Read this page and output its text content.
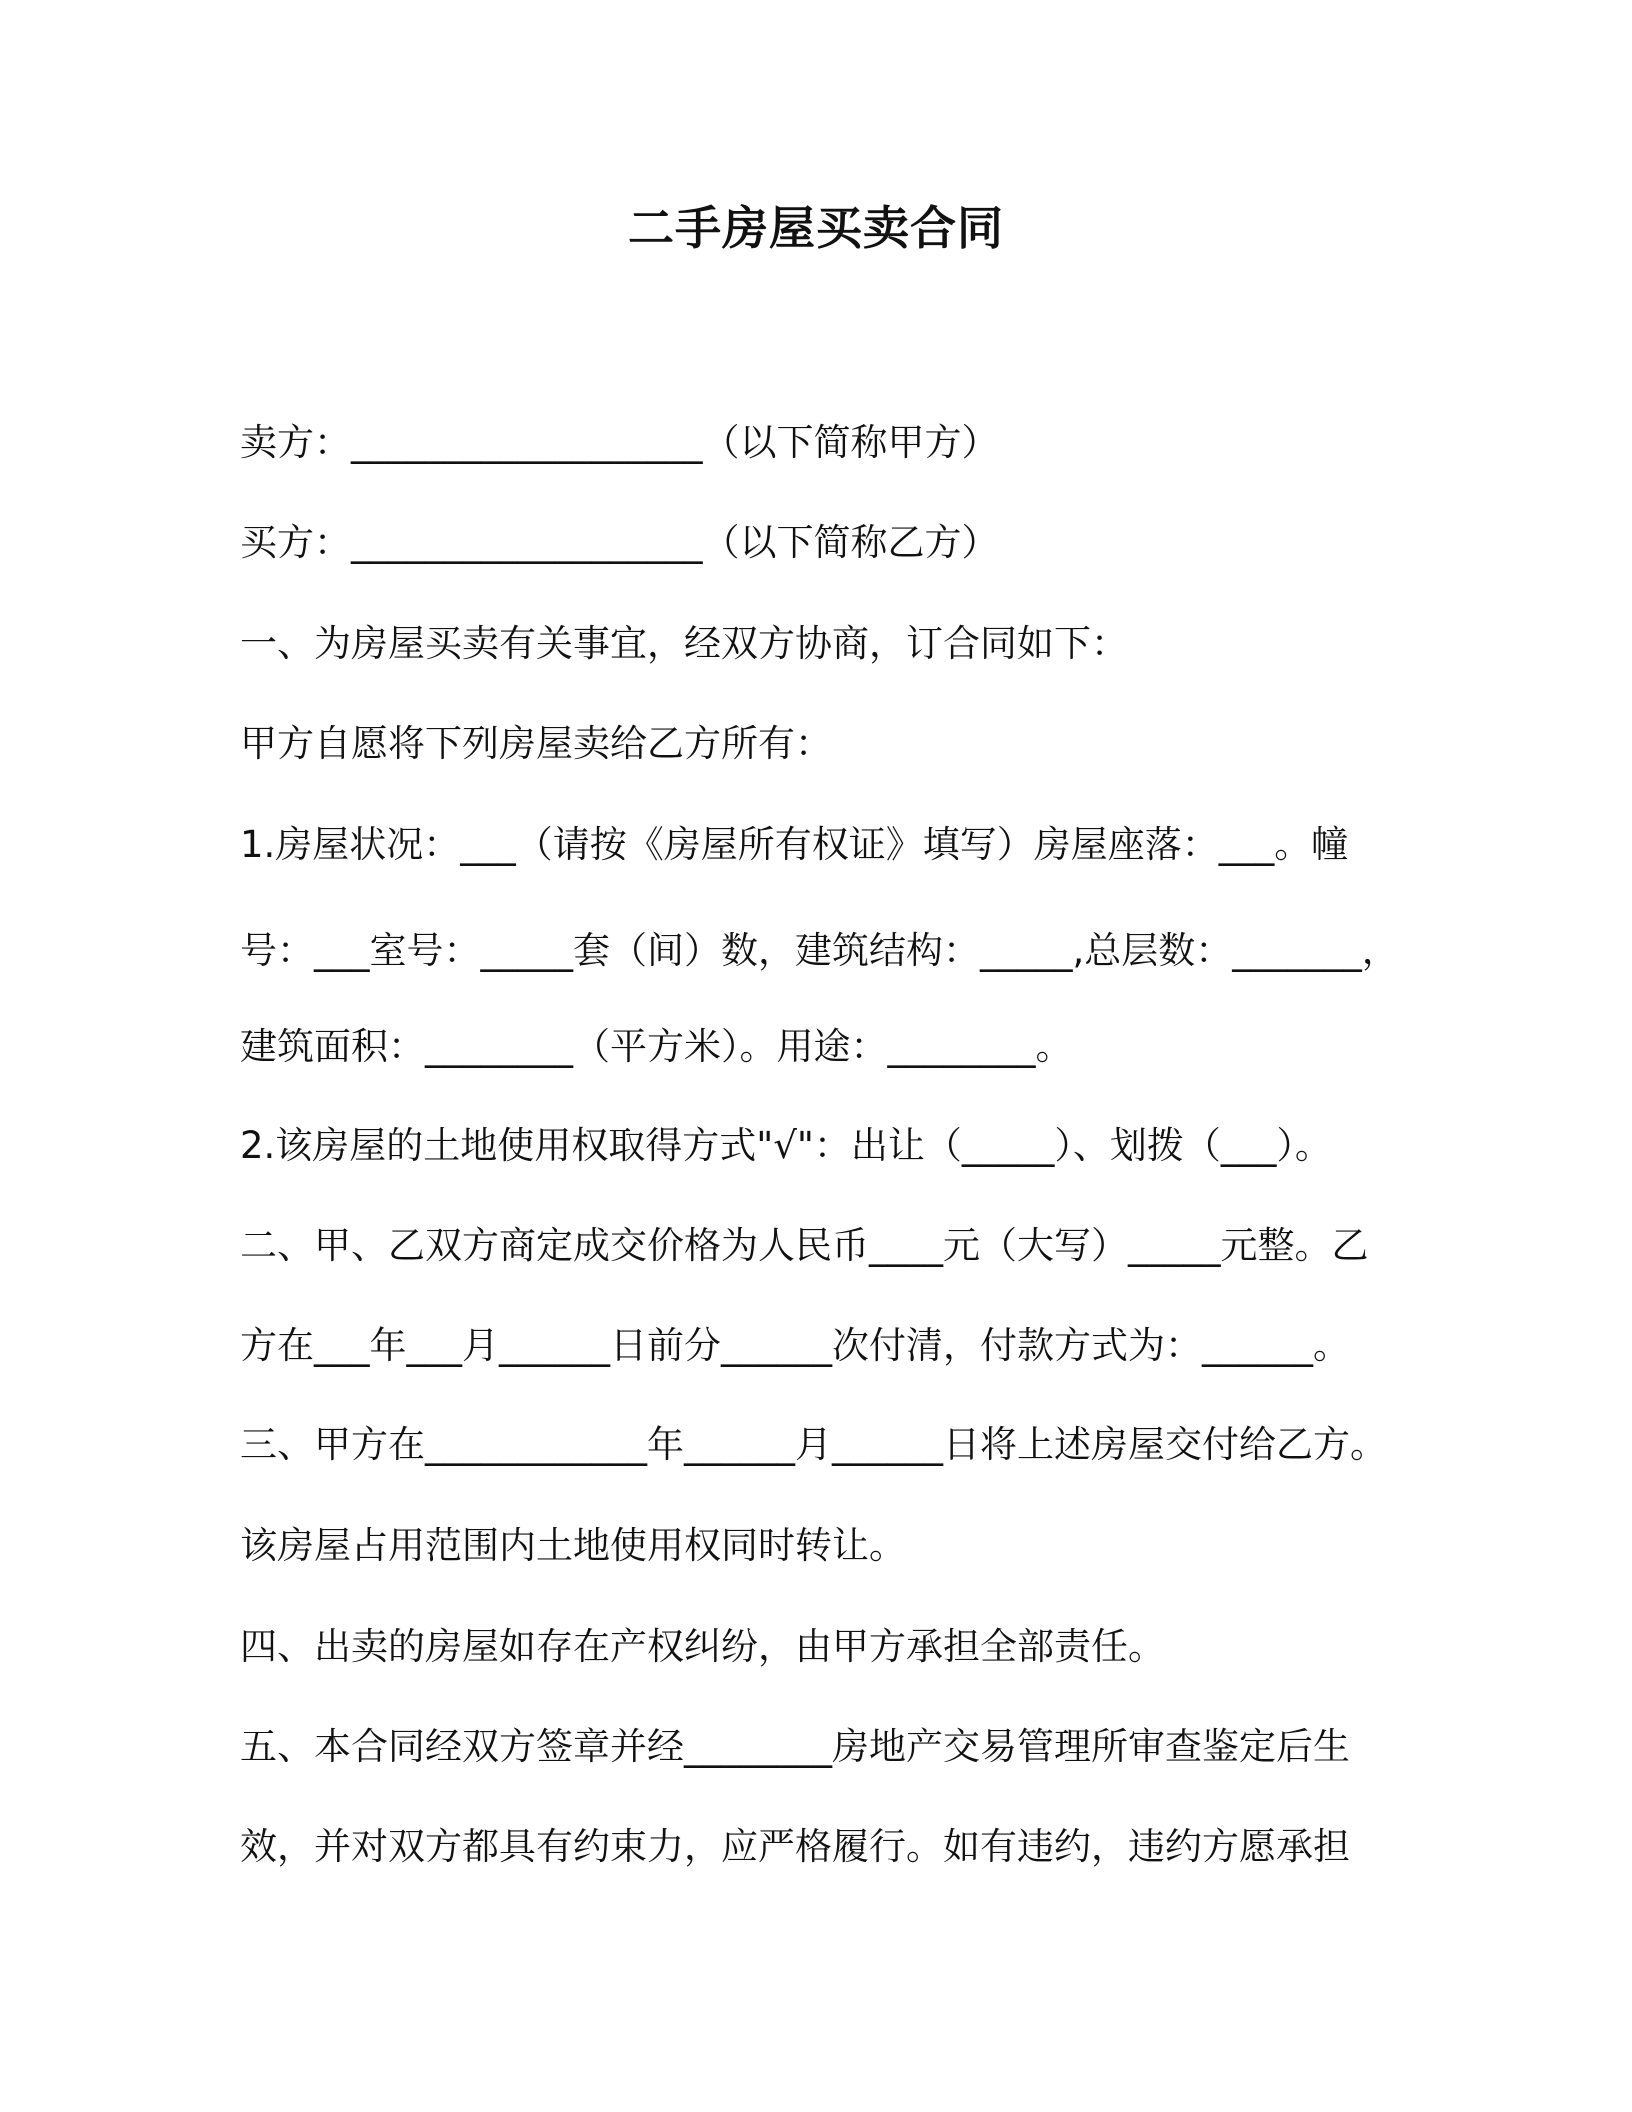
二手房屋买卖合同
卖方：___________________（以下简称甲方）
买方：___________________（以下简称乙方）
一、为房屋买卖有关事宜，经双方协商，订合同如下：
甲方自愿将下列房屋卖给乙方所有：
1.房屋状况：___（请按《房屋所有权证》填写）房屋座落：___。幢
号：___室号：_____套（间）数，建筑结构：_____,总层数：_______，
建筑面积：________（平方米）。用途：________。
2.该房屋的土地使用权取得方式"√"：出让（_____）、划拨（___）。
二、甲、乙双方商定成交价格为人民币____元（大写）_____元整。乙
方在___年___月______日前分______次付清，付款方式为：______。
三、甲方在____________年______月______日将上述房屋交付给乙方。
该房屋占用范围内土地使用权同时转让。
四、出卖的房屋如存在产权纠纷，由甲方承担全部责任。
五、本合同经双方签章并经________房地产交易管理所审查鉴定后生
效，并对双方都具有约束力，应严格履行。如有违约，违约方愿承担
